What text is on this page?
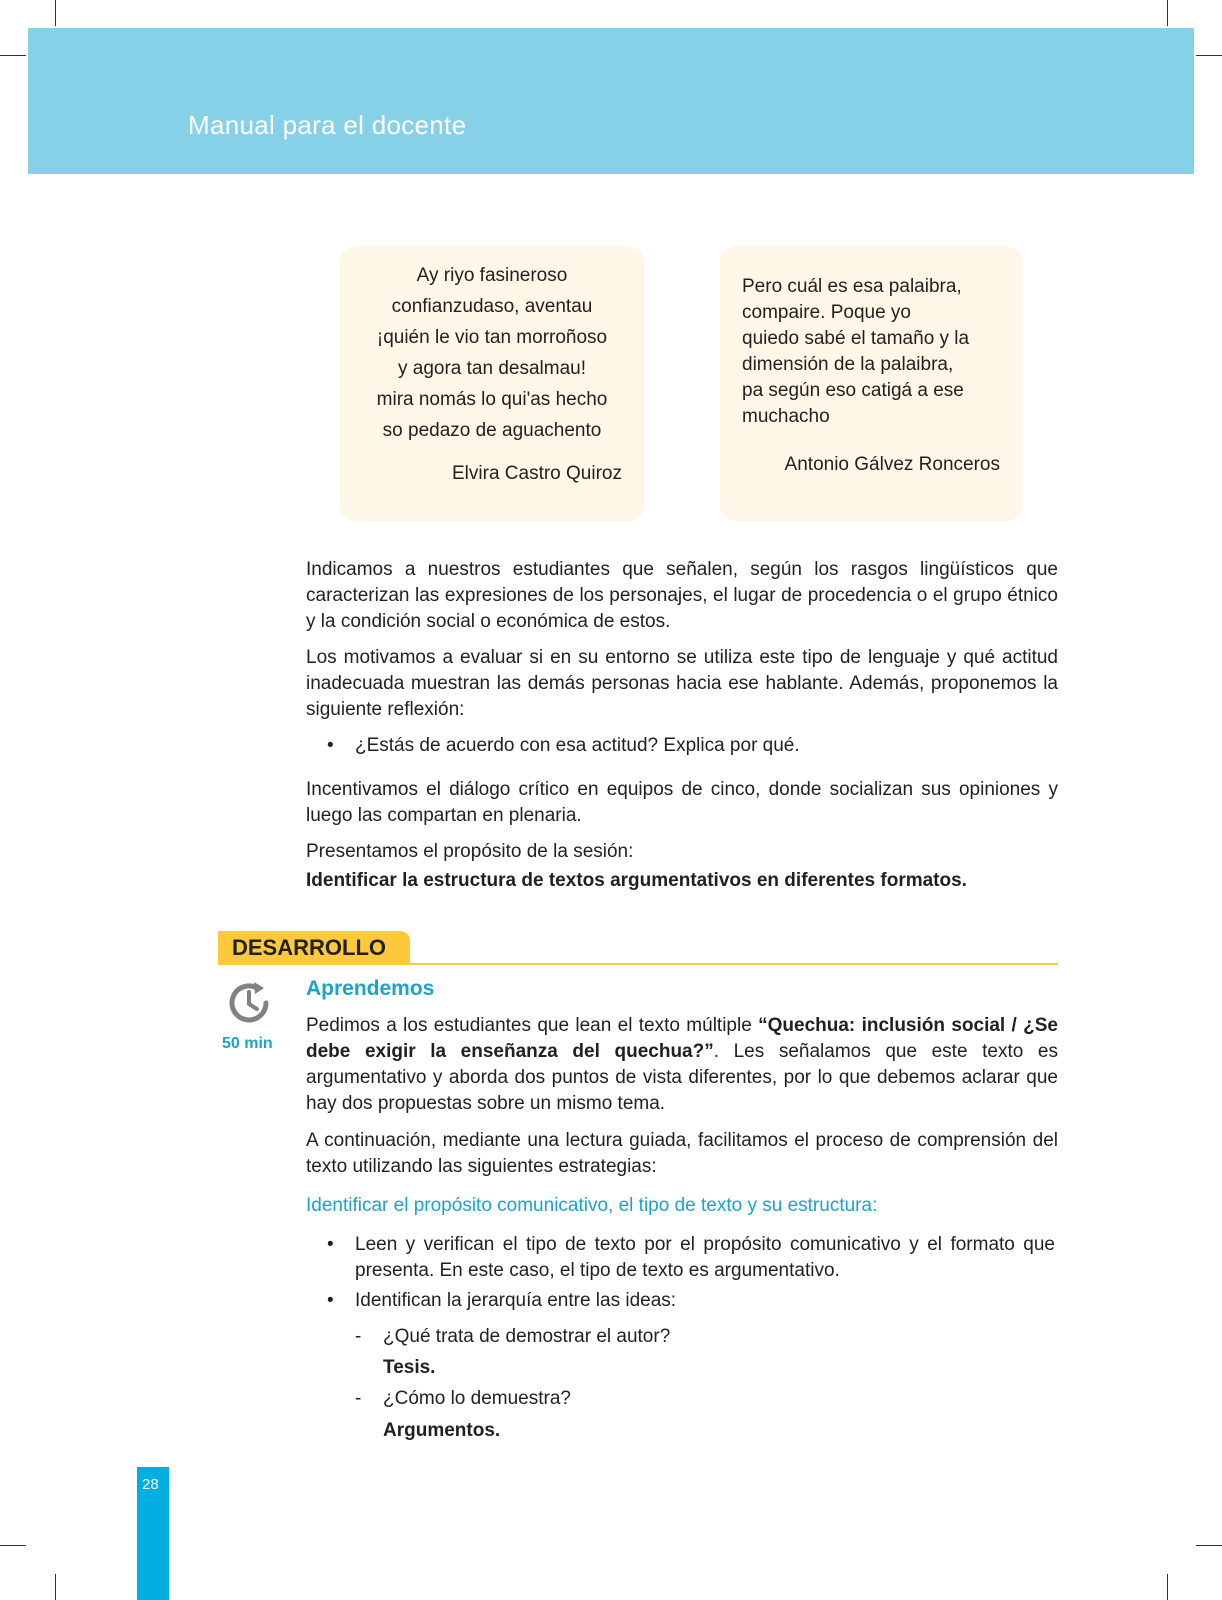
Manual para el docente
Ay riyo fasineroso
confianzudaso, aventau
¡quién le vio tan morroñoso
y agora tan desalmau!
mira nomás lo qui'as hecho
so pedazo de aguachento
Elvira Castro Quiroz
Pero cuál es esa palaibra,
compaire. Poque yo
quiedo sabé el tamaño y la
dimensión de la palaibra,
pa según eso catigá a ese
muchacho
Antonio Gálvez Ronceros
Indicamos a nuestros estudiantes que señalen, según los rasgos lingüísticos que caracterizan las expresiones de los personajes, el lugar de procedencia o el grupo étnico y la condición social o económica de estos.
Los motivamos a evaluar si en su entorno se utiliza este tipo de lenguaje y qué actitud inadecuada muestran las demás personas hacia ese hablante. Además, proponemos la siguiente reflexión:
• ¿Estás de acuerdo con esa actitud? Explica por qué.
Incentivamos el diálogo crítico en equipos de cinco, donde socializan sus opiniones y luego las compartan en plenaria.
Presentamos el propósito de la sesión:
Identificar la estructura de textos argumentativos en diferentes formatos.
DESARROLLO
50 min
Aprendemos
Pedimos a los estudiantes que lean el texto múltiple “Quechua: inclusión social / ¿Se debe exigir la enseñanza del quechua?”. Les señalamos que este texto es argumentativo y aborda dos puntos de vista diferentes, por lo que debemos aclarar que hay dos propuestas sobre un mismo tema.
A continuación, mediante una lectura guiada, facilitamos el proceso de comprensión del texto utilizando las siguientes estrategias:
Identificar el propósito comunicativo, el tipo de texto y su estructura:
• Leen y verifican el tipo de texto por el propósito comunicativo y el formato que presenta. En este caso, el tipo de texto es argumentativo.
• Identifican la jerarquía entre las ideas:
- ¿Qué trata de demostrar el autor?
Tesis.
- ¿Cómo lo demuestra?
Argumentos.
28
